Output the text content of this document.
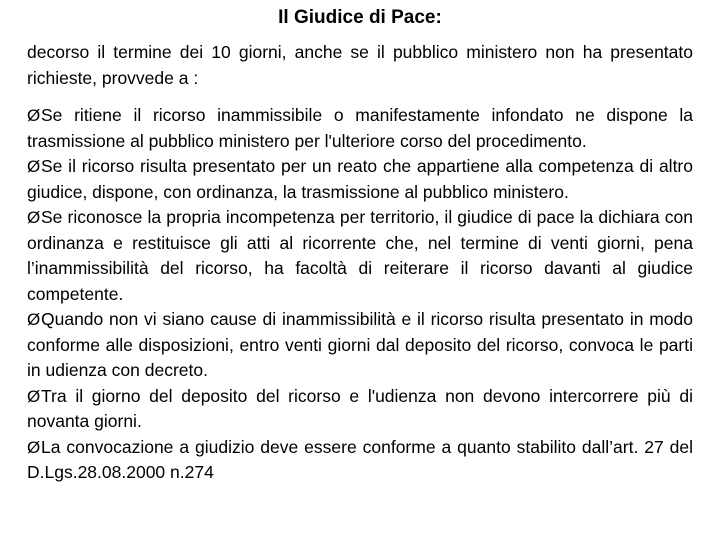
Il Giudice di Pace:
decorso il termine dei 10 giorni, anche se il pubblico ministero non ha presentato richieste, provvede a :
ØSe ritiene il ricorso inammissibile o manifestamente infondato ne dispone la trasmissione al pubblico ministero per l'ulteriore corso del procedimento.
ØSe il ricorso risulta presentato per un reato che appartiene alla competenza di altro giudice, dispone, con ordinanza, la trasmissione al pubblico ministero.
ØSe riconosce la propria incompetenza per territorio, il giudice di pace la dichiara con ordinanza e restituisce gli atti al ricorrente che, nel termine di venti giorni, pena l’inammissibilità del ricorso, ha facoltà di reiterare il ricorso davanti al giudice competente.
ØQuando non vi siano cause di inammissibilità e il ricorso risulta presentato in modo conforme alle disposizioni, entro venti giorni dal deposito del ricorso, convoca le parti in udienza con decreto.
ØTra il giorno del deposito del ricorso e l'udienza non devono intercorrere più di novanta giorni.
ØLa convocazione a giudizio deve essere conforme a quanto stabilito dall’art. 27 del D.Lgs.28.08.2000 n.274
